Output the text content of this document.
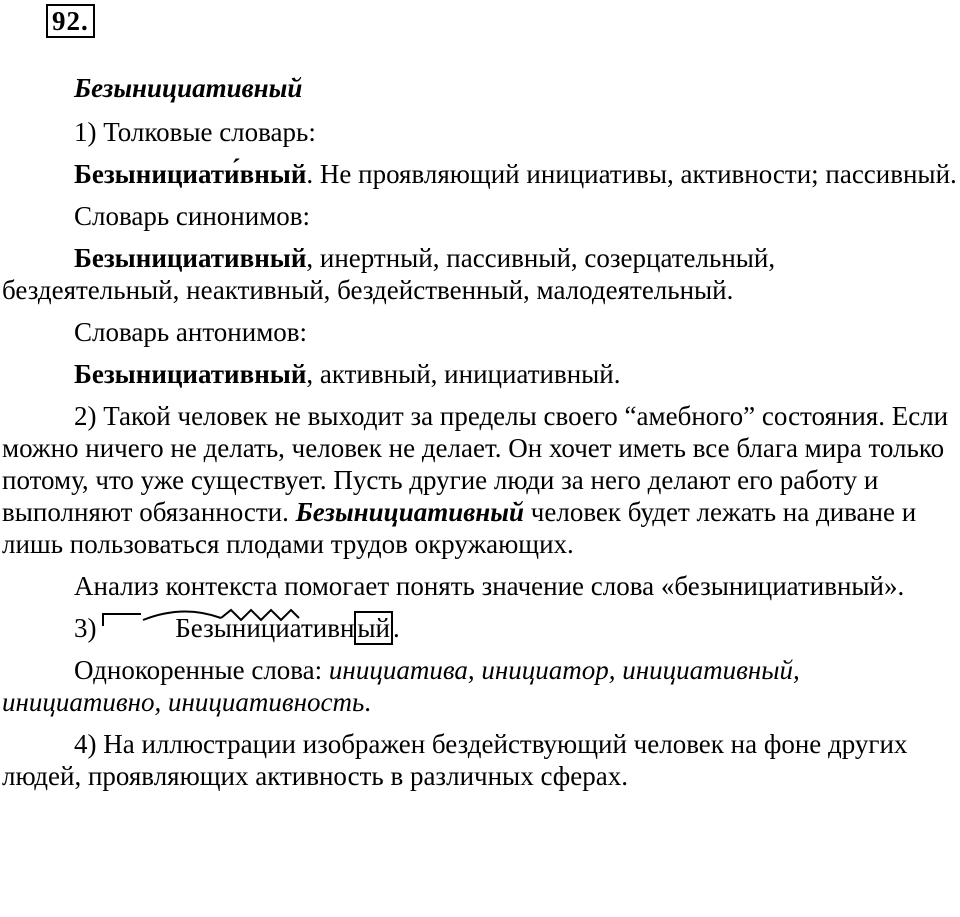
92.

Безынициативный

1) Толковые словарь:

Безынициати́вный. Не проявляющий инициативы, активности; пассивный.

Словарь синонимов:

Безынициативный, инертный, пассивный, созерцательный, бездеятельный, неактивный, бездейственный, малодеятельный.

Словарь антонимов:

Безынициативный, активный, инициативный.

2) Такой человек не выходит за пределы своего “амебного” состояния. Если можно ничего не делать, человек не делает. Он хочет иметь все блага мира только потому, что уже существует. Пусть другие люди за него делают его работу и выполняют обязанности. Безынициативный человек будет лежать на диване и лишь пользоваться плодами трудов окружающих.

Анализ контекста помогает понять значение слова «безынициативный».

3)	Безынициативн ый .

Однокоренные слова: инициатива, инициатор, инициативный, инициативно, инициативность.

4) На иллюстрации изображен бездействующий человек на фоне других людей, проявляющих активность в различных сферах.
